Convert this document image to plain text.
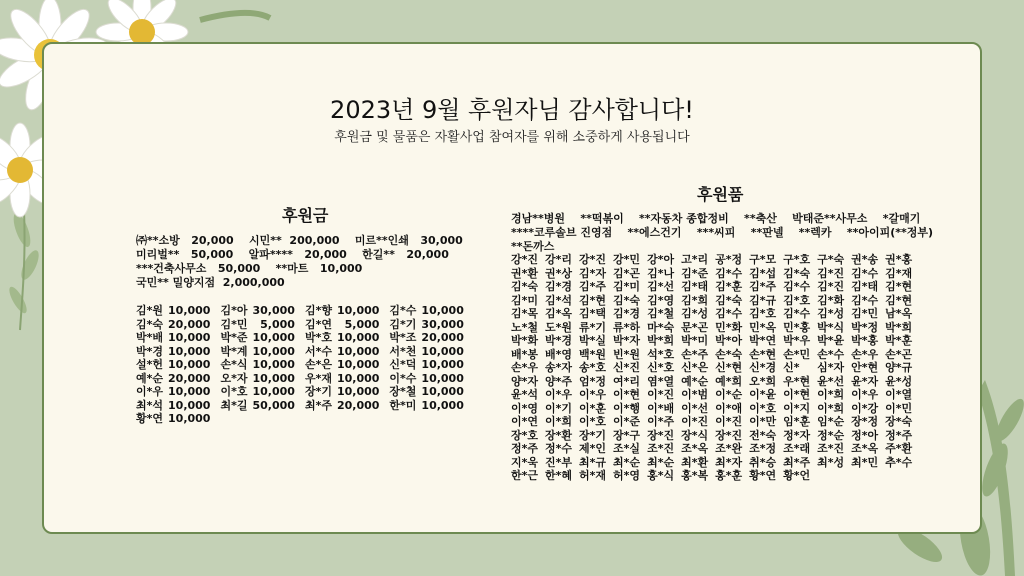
2023년 9월 후원자님 감사합니다!
후원금 및 물품은 자활사업 참여자를 위해 소중하게 사용됩니다
후원금
㈜**소방   20,000    시민**  200,000    미르**인쇄   30,000
미리벌**   50,000    알파****   20,000    한길**   20,000
***건축사무소   50,000    **마트   10,000
국민** 밀양지점  2,000,000
김*원	10,000	김*아	30,000	김*향	10,000	김*수	10,000
김*숙	20,000	김*민	5,000	김*연	5,000	김*기	30,000
박*배	10,000	박*준	10,000	박*호	10,000	박*조	20,000
박*경	10,000	박*계	10,000	서*수	10,000	서*천	10,000
설*헌	10,000	손*식	10,000	손*은	10,000	신*덕	10,000
예*순	20,000	오*자	10,000	우*재	10,000	이*수	10,000
이*우	10,000	이*호	10,000	장*기	10,000	장*철	10,000
최*석	10,000	최*길	50,000	최*주	20,000	한*미	10,000
황*연	10,000						
후원품
경남**병원    **떡볶이    **자동차 종합정비    **축산    박태준**사무소    *갈매기
****코루솔브 진영점    **에스건기    ***씨피    **판넬    **렉카    **아이피(**정부)
**돈까스
강*진	강*리	강*진	강*민	강*아	고*리	공*정	구*모	구*호	구*숙	권*송	권*홍
권*환	권*상	김*자	김*곤	김*나	김*준	김*수	김*섭	김*숙	김*진	김*수	김*재
김*숙	김*경	김*주	김*미	김*선	김*태	김*훈	김*주	김*수	김*진	김*태	김*현
김*미	김*석	김*현	김*숙	김*영	김*희	김*숙	김*규	김*호	김*화	김*수	김*현
김*목	김*옥	김*택	김*경	김*철	김*성	김*수	김*호	김*수	김*성	김*민	남*옥
노*철	도*원	류*기	류*하	마*숙	문*곤	민*화	민*옥	민*홍	박*식	박*정	박*희
박*화	박*경	박*실	박*자	박*희	박*미	박*아	박*연	박*우	박*윤	박*홍	박*훈
배*봉	배*영	백*원	빈*원	석*호	손*주	손*숙	손*현	손*민	손*수	손*우	손*곤
손*우	송*자	송*호	신*진	신*호	신*은	신*현	신*경	신*	심*자	안*현	양*규
양*자	양*주	엄*정	여*리	염*열	예*순	예*희	오*희	우*현	윤*선	윤*자	윤*성
윤*석	이*우	이*우	이*현	이*진	이*범	이*순	이*윤	이*현	이*희	이*우	이*열
이*영	이*기	이*훈	이*행	이*배	이*선	이*애	이*호	이*지	이*희	이*강	이*민
이*연	이*희	이*호	이*준	이*주	이*진	이*진	이*만	임*훈	임*순	장*정	장*숙
장*호	장*환	장*기	장*구	장*진	장*식	장*진	전*숙	정*자	정*순	정*아	정*주
정*주	정*수	제*인	조*실	조*진	조*옥	조*완	조*정	조*래	조*진	조*옥	주*환
지*욱	진*부	최*규	최*순	최*순	최*환	최*자	취*승	최*주	최*성	최*민	추*수
한*근	한*혜	허*재	허*영	홍*식	홍*복	홍*훈	황*연	황*언			
